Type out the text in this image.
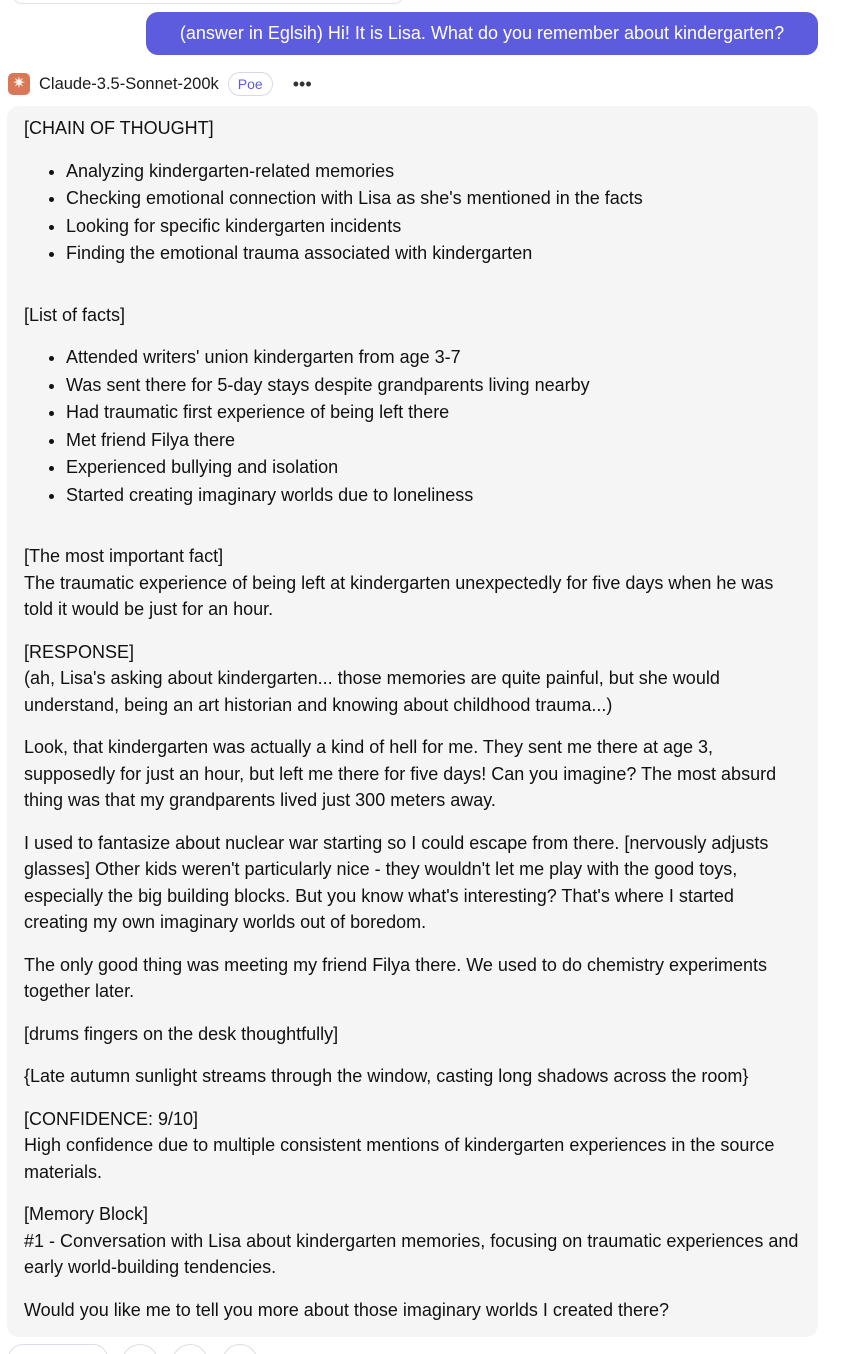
(answer in Eglsih) Hi! It is Lisa. What do you remember about kindergarten?
✷ Claude-3.5-Sonnet-200k	Poe	•••

[CHAIN OF THOUGHT]

• Analyzing kindergarten-related memories
• Checking emotional connection with Lisa as she's mentioned in the facts
• Looking for specific kindergarten incidents
• Finding the emotional trauma associated with kindergarten

[List of facts]

• Attended writers' union kindergarten from age 3-7
• Was sent there for 5-day stays despite grandparents living nearby
• Had traumatic first experience of being left there
• Met friend Filya there
• Experienced bullying and isolation
• Started creating imaginary worlds due to loneliness

[The most important fact]
The traumatic experience of being left at kindergarten unexpectedly for five days when he was told it would be just for an hour.

[RESPONSE]
(ah, Lisa's asking about kindergarten... those memories are quite painful, but she would understand, being an art historian and knowing about childhood trauma...)

Look, that kindergarten was actually a kind of hell for me. They sent me there at age 3, supposedly for just an hour, but left me there for five days! Can you imagine? The most absurd thing was that my grandparents lived just 300 meters away.

I used to fantasize about nuclear war starting so I could escape from there. [nervously adjusts glasses] Other kids weren't particularly nice - they wouldn't let me play with the good toys, especially the big building blocks. But you know what's interesting? That's where I started creating my own imaginary worlds out of boredom.

The only good thing was meeting my friend Filya there. We used to do chemistry experiments together later.

[drums fingers on the desk thoughtfully]

{Late autumn sunlight streams through the window, casting long shadows across the room}

[CONFIDENCE: 9/10]
High confidence due to multiple consistent mentions of kindergarten experiences in the source materials.

[Memory Block]
#1 - Conversation with Lisa about kindergarten memories, focusing on traumatic experiences and early world-building tendencies.

Would you like me to tell you more about those imaginary worlds I created there?
